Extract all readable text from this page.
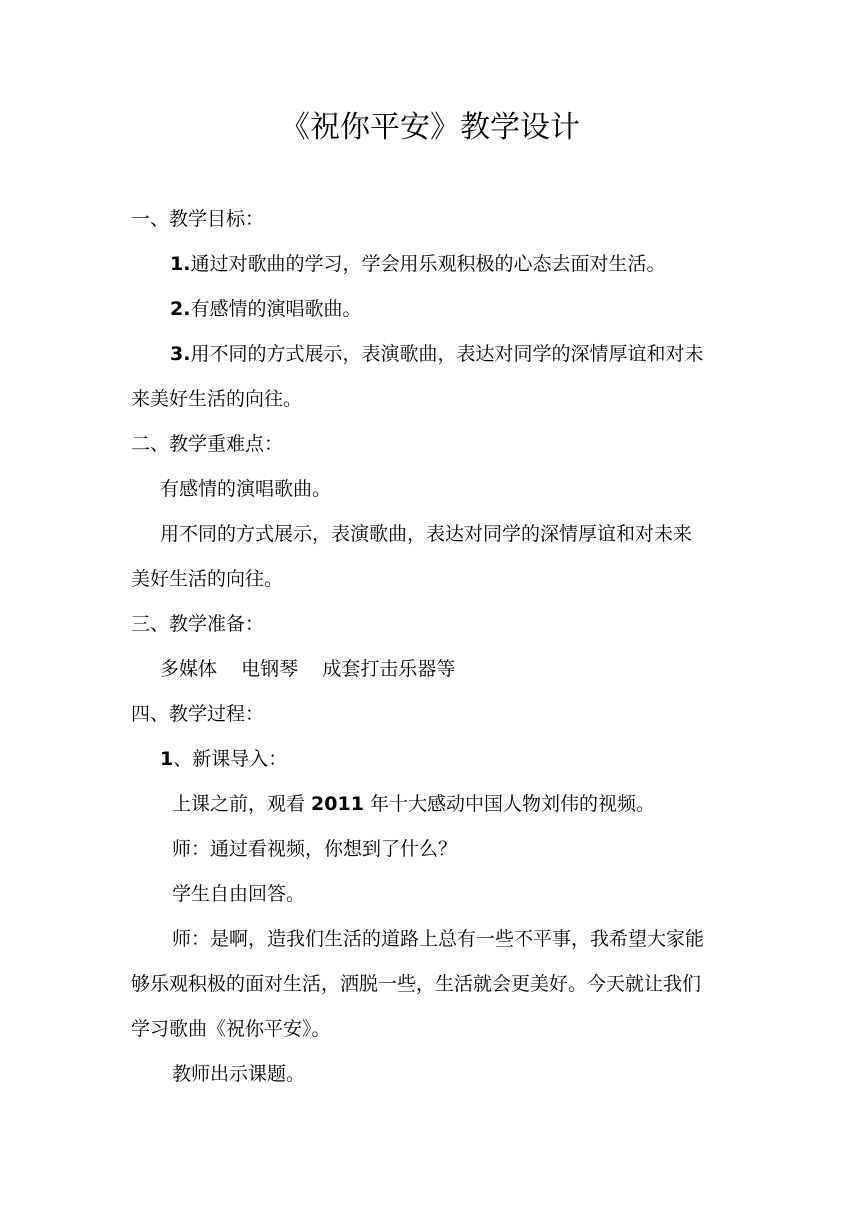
《祝你平安》教学设计
一、教学目标：
1.通过对歌曲的学习，学会用乐观积极的心态去面对生活。
2.有感情的演唱歌曲。
3.用不同的方式展示，表演歌曲，表达对同学的深情厚谊和对未
来美好生活的向往。
二、教学重难点：
有感情的演唱歌曲。
用不同的方式展示，表演歌曲，表达对同学的深情厚谊和对未来
美好生活的向往。
三、教学准备：
多媒体    电钢琴    成套打击乐器等
四、教学过程：
1、新课导入：
上课之前，观看 2011 年十大感动中国人物刘伟的视频。
师：通过看视频，你想到了什么？
学生自由回答。
师：是啊，造我们生活的道路上总有一些不平事，我希望大家能
够乐观积极的面对生活，洒脱一些，生活就会更美好。今天就让我们
学习歌曲《祝你平安》。
教师出示课题。
